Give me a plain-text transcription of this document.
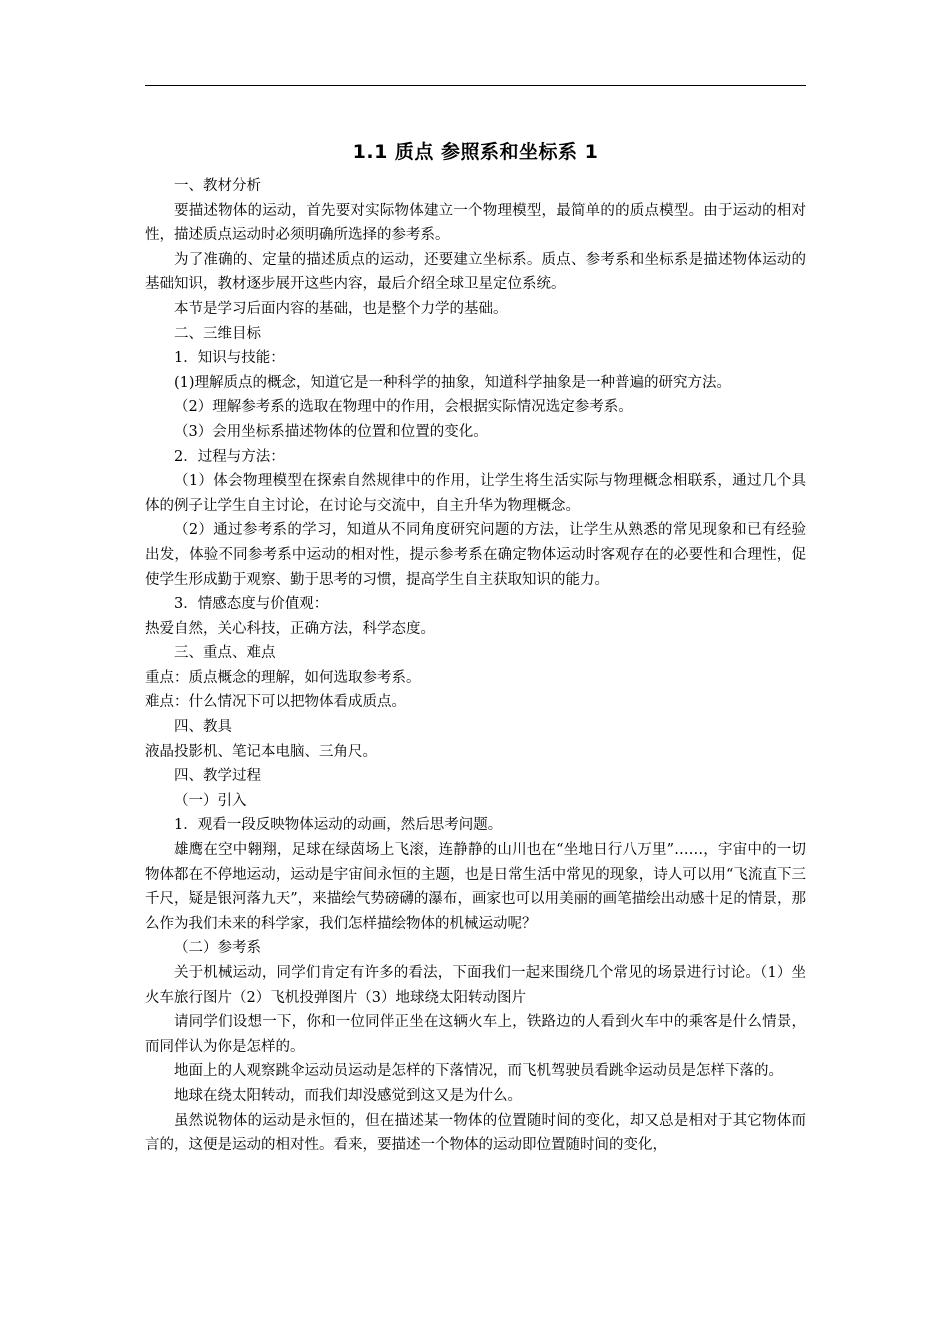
1.1 质点 参照系和坐标系 1

一、教材分析

要描述物体的运动，首先要对实际物体建立一个物理模型，最简单的的质点模型。由于运动的相对性，描述质点运动时必须明确所选择的参考系。

为了准确的、定量的描述质点的运动，还要建立坐标系。质点、参考系和坐标系是描述物体运动的基础知识，教材逐步展开这些内容，最后介绍全球卫星定位系统。

本节是学习后面内容的基础，也是整个力学的基础。

二、三维目标

1．知识与技能：

(1)理解质点的概念，知道它是一种科学的抽象，知道科学抽象是一种普遍的研究方法。

（2）理解参考系的选取在物理中的作用，会根据实际情况选定参考系。

（3）会用坐标系描述物体的位置和位置的变化。

2．过程与方法：

（1）体会物理模型在探索自然规律中的作用，让学生将生活实际与物理概念相联系，通过几个具体的例子让学生自主讨论，在讨论与交流中，自主升华为物理概念。

（2）通过参考系的学习，知道从不同角度研究问题的方法，让学生从熟悉的常见现象和已有经验出发，体验不同参考系中运动的相对性，提示参考系在确定物体运动时客观存在的必要性和合理性，促使学生形成勤于观察、勤于思考的习惯，提高学生自主获取知识的能力。

3．情感态度与价值观：

热爱自然，关心科技，正确方法，科学态度。

三、重点、难点

重点：质点概念的理解，如何选取参考系。

难点：什么情况下可以把物体看成质点。

四、教具

液晶投影机、笔记本电脑、三角尺。

四、教学过程

（一）引入

1．观看一段反映物体运动的动画，然后思考问题。

雄鹰在空中翱翔，足球在绿茵场上飞滚，连静静的山川也在“坐地日行八万里”……，宇宙中的一切物体都在不停地运动，运动是宇宙间永恒的主题，也是日常生活中常见的现象，诗人可以用“飞流直下三千尺，疑是银河落九天”，来描绘气势磅礴的瀑布，画家也可以用美丽的画笔描绘出动感十足的情景，那么作为我们未来的科学家，我们怎样描绘物体的机械运动呢？

（二）参考系

关于机械运动，同学们肯定有许多的看法，下面我们一起来围绕几个常见的场景进行讨论。（1）坐火车旅行图片（2）飞机投弹图片（3）地球绕太阳转动图片

请同学们设想一下，你和一位同伴正坐在这辆火车上，铁路边的人看到火车中的乘客是什么情景，而同伴认为你是怎样的。

地面上的人观察跳伞运动员运动是怎样的下落情况，而飞机驾驶员看跳伞运动员是怎样下落的。

地球在绕太阳转动，而我们却没感觉到这又是为什么。

虽然说物体的运动是永恒的，但在描述某一物体的位置随时间的变化，却又总是相对于其它物体而言的，这便是运动的相对性。看来，要描述一个物体的运动即位置随时间的变化，
